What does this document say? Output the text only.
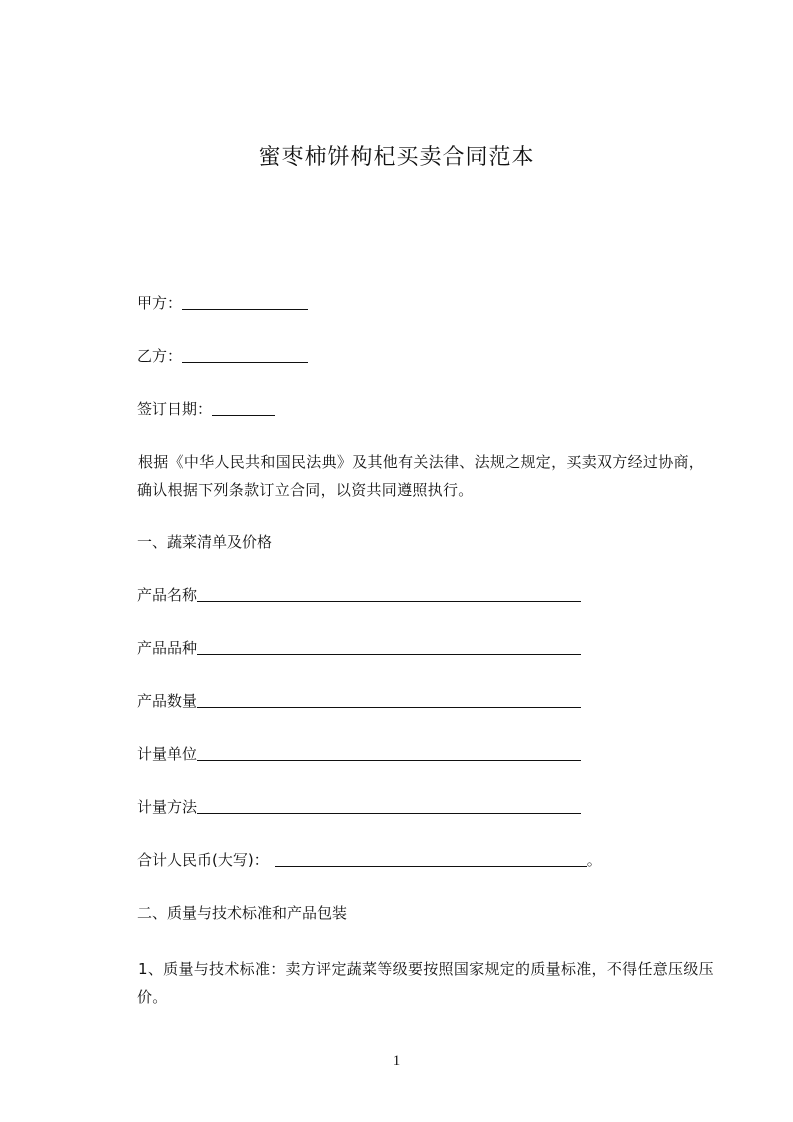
蜜枣柿饼枸杞买卖合同范本
甲方：
乙方：
签订日期：
根据《中华人民共和国民法典》及其他有关法律、法规之规定，买卖双方经过协商，确认根据下列条款订立合同，以资共同遵照执行。
一、蔬菜清单及价格
产品名称
产品品种
产品数量
计量单位
计量方法
合计人民币(大写)：	。
二、质量与技术标准和产品包装
1、质量与技术标准：卖方评定蔬菜等级要按照国家规定的质量标准，不得任意压级压价。
1
